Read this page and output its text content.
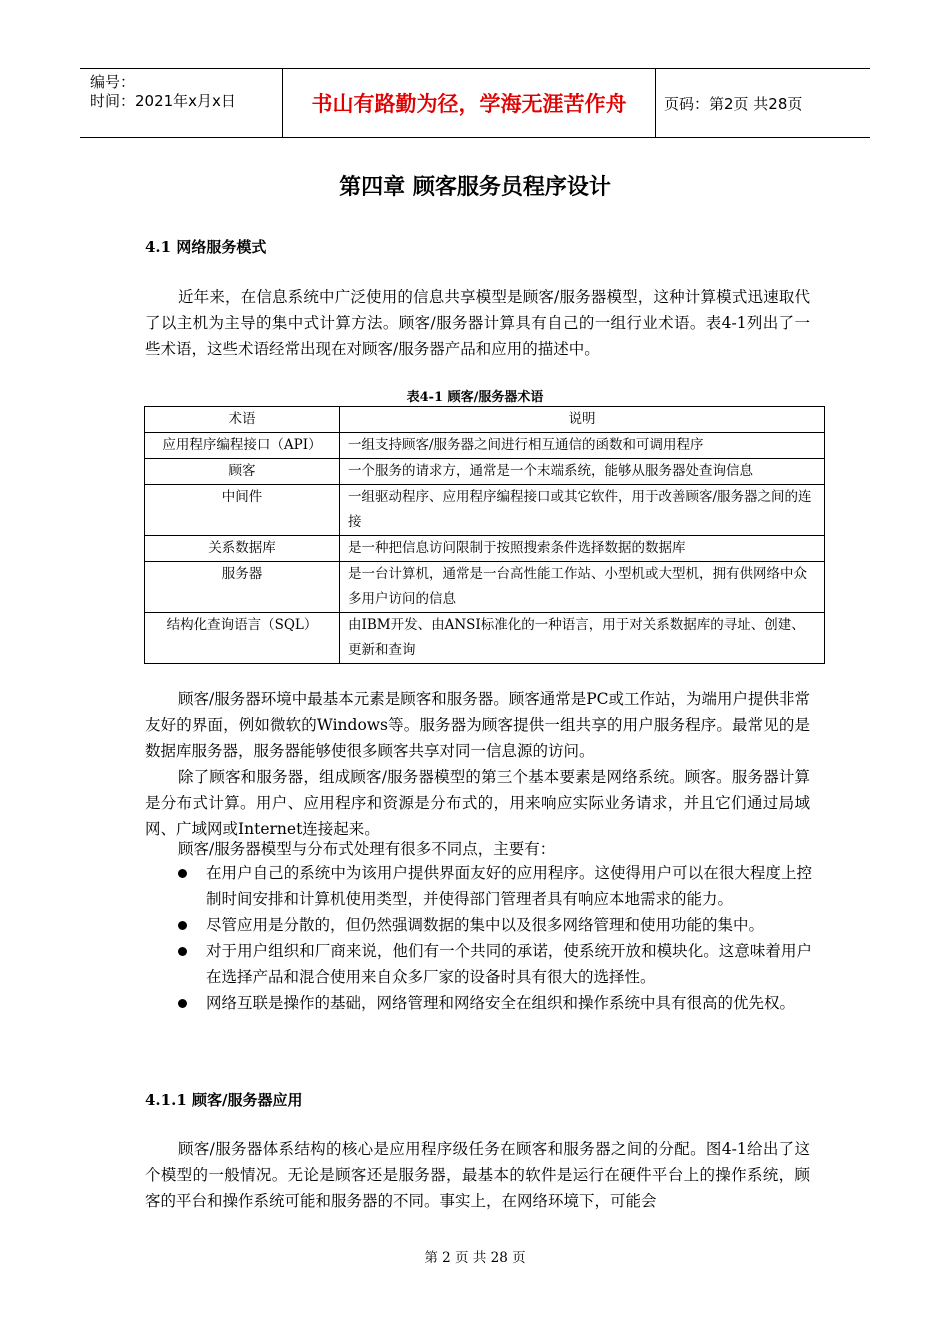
编号：
时间：2021年x月x日	书山有路勤为径，学海无涯苦作舟	页码：第2页 共28页
第四章 顾客服务员程序设计
4.1 网络服务模式

近年来，在信息系统中广泛使用的信息共享模型是顾客/服务器模型，这种计算模式迅速取代了以主机为主导的集中式计算方法。顾客/服务器计算具有自己的一组行业术语。表4-1列出了一些术语，这些术语经常出现在对顾客/服务器产品和应用的描述中。

表4-1 顾客/服务器术语
术语	说明
应用程序编程接口（API）	一组支持顾客/服务器之间进行相互通信的函数和可调用程序
顾客	一个服务的请求方，通常是一个末端系统，能够从服务器处查询信息
中间件	一组驱动程序、应用程序编程接口或其它软件，用于改善顾客/服务器之间的连接
关系数据库	是一种把信息访问限制于按照搜索条件选择数据的数据库
服务器	是一台计算机，通常是一台高性能工作站、小型机或大型机，拥有供网络中众多用户访问的信息
结构化查询语言（SQL）	由IBM开发、由ANSI标准化的一种语言，用于对关系数据库的寻址、创建、更新和查询

顾客/服务器环境中最基本元素是顾客和服务器。顾客通常是PC或工作站，为端用户提供非常友好的界面，例如微软的Windows等。服务器为顾客提供一组共享的用户服务程序。最常见的是数据库服务器，服务器能够使很多顾客共享对同一信息源的访问。

除了顾客和服务器，组成顾客/服务器模型的第三个基本要素是网络系统。顾客。服务器计算是分布式计算。用户、应用程序和资源是分布式的，用来响应实际业务请求，并且它们通过局域网、广域网或Internet连接起来。

顾客/服务器模型与分布式处理有很多不同点，主要有：

在用户自己的系统中为该用户提供界面友好的应用程序。这使得用户可以在很大程度上控制时间安排和计算机使用类型，并使得部门管理者具有响应本地需求的能力。
尽管应用是分散的，但仍然强调数据的集中以及很多网络管理和使用功能的集中。
对于用户组织和厂商来说，他们有一个共同的承诺，使系统开放和模块化。这意味着用户在选择产品和混合使用来自众多厂家的设备时具有很大的选择性。
网络互联是操作的基础，网络管理和网络安全在组织和操作系统中具有很高的优先权。
4.1.1 顾客/服务器应用

顾客/服务器体系结构的核心是应用程序级任务在顾客和服务器之间的分配。图4-1给出了这个模型的一般情况。无论是顾客还是服务器，最基本的软件是运行在硬件平台上的操作系统，顾客的平台和操作系统可能和服务器的不同。事实上，在网络环境下，可能会

第 2 页 共 28 页
